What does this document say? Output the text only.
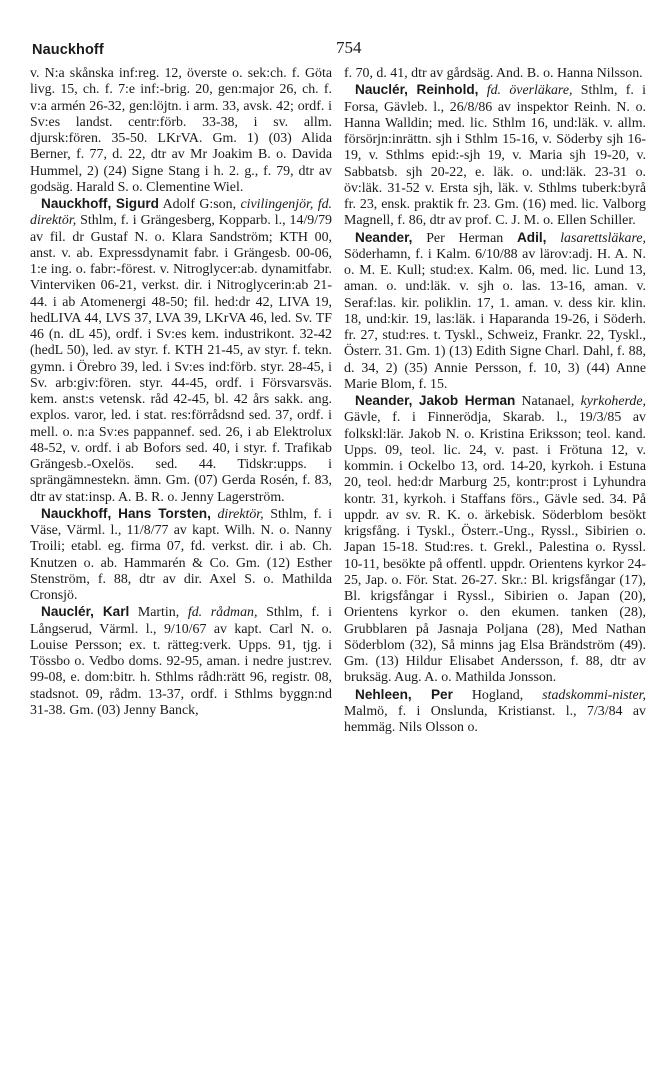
Nauckhoff	754

v. N:a skånska inf:reg. 12, överste o. sek:ch. f. Göta livg. 15, ch. f. 7:e inf:-brig. 20, gen:major 26, ch. f. v:a armén 26-32, gen:löjtn. i arm. 33, avsk. 42; ordf. i Sv:es landst. centr:förb. 33-38, i sv. allm. djursk:fören. 35-50. LKrVA. Gm. 1) (03) Alida Berner, f. 77, d. 22, dtr av Mr Joakim B. o. Davida Hummel, 2) (24) Signe Stang i h. 2. g., f. 79, dtr av godsäg. Harald S. o. Clementine Wiel.

Nauckhoff, Sigurd Adolf G:son, civilingenjör, fd. direktör, Sthlm, f. i Grängesberg, Kopparb. l., 14/9/79 av fil. dr Gustaf N. o. Klara Sandström; KTH 00, anst. v. ab. Expressdynamit fabr. i Grängesb. 00-06, 1:e ing. o. fabr:-förest. v. Nitroglycer:ab. dynamitfabr. Vinterviken 06-21, verkst. dir. i Nitroglycerin:ab 21-44. i ab Atomenergi 48-50; fil. hed:dr 42, LIVA 19, hedLIVA 44, LVS 37, LVA 39, LKrVA 46, led. Sv. TF 46 (n. dL 45), ordf. i Sv:es kem. industrikont. 32-42 (hedL 50), led. av styr. f. KTH 21-45, av styr. f. tekn. gymn. i Örebro 39, led. i Sv:es ind:förb. styr. 28-45, i Sv. arb:giv:fören. styr. 44-45, ordf. i Försvarsväs. kem. anst:s vetensk. råd 42-45, bl. 42 års sakk. ang. explos. varor, led. i stat. res:förrådsnd sed. 37, ordf. i mell. o. n:a Sv:es pappannef. sed. 26, i ab Elektrolux 48-52, v. ordf. i ab Bofors sed. 40, i styr. f. Trafikab Grängesb.-Oxelös. sed. 44. Tidskr:upps. i sprängämnestekn. ämn. Gm. (07) Gerda Rosén, f. 83, dtr av stat:insp. A. B. R. o. Jenny Lagerström.

Nauckhoff, Hans Torsten, direktör, Sthlm, f. i Väse, Värml. l., 11/8/77 av kapt. Wilh. N. o. Nanny Troili; etabl. eg. firma 07, fd. verkst. dir. i ab. Ch. Knutzen o. ab. Hammarén & Co. Gm. (12) Esther Stenström, f. 88, dtr av dir. Axel S. o. Mathilda Cronsjö.

Nauclér, Karl Martin, fd. rådman, Sthlm, f. i Långserud, Värml. l., 9/10/67 av kapt. Carl N. o. Louise Persson; ex. t. rätteg:verk. Upps. 91, tjg. i Tössbo o. Vedbo doms. 92-95, aman. i nedre just:rev. 99-08, e. dom:bitr. h. Sthlms rådh:rätt 96, registr. 08, stadsnot. 09, rådm. 13-37, ordf. i Sthlms byggn:nd 31-38. Gm. (03) Jenny Banck,

f. 70, d. 41, dtr av gårdsäg. And. B. o. Hanna Nilsson.

Nauclér, Reinhold, fd. överläkare, Sthlm, f. i Forsa, Gävleb. l., 26/8/86 av inspektor Reinh. N. o. Hanna Walldin; med. lic. Sthlm 16, und:läk. v. allm. försörjn:inrättn. sjh i Sthlm 15-16, v. Söderby sjh 16-19, v. Sthlms epid:-sjh 19, v. Maria sjh 19-20, v. Sabbatsb. sjh 20-22, e. läk. o. und:läk. 23-31 o. öv:läk. 31-52 v. Ersta sjh, läk. v. Sthlms tuberk:byrå fr. 23, ensk. praktik fr. 23. Gm. (16) med. lic. Valborg Magnell, f. 86, dtr av prof. C. J. M. o. Ellen Schiller.

Neander, Per Herman Adil, lasarettsläkare, Söderhamn, f. i Kalm. 6/10/88 av lärov:adj. H. A. N. o. M. E. Kull; stud:ex. Kalm. 06, med. lic. Lund 13, aman. o. und:läk. v. sjh o. las. 13-16, aman. v. Seraf:las. kir. poliklin. 17, 1. aman. v. dess kir. klin. 18, und:kir. 19, las:läk. i Haparanda 19-26, i Söderh. fr. 27, stud:res. t. Tyskl., Schweiz, Frankr. 22, Tyskl., Österr. 31. Gm. 1) (13) Edith Signe Charl. Dahl, f. 88, d. 34, 2) (35) Annie Persson, f. 10, 3) (44) Anne Marie Blom, f. 15.

Neander, Jakob Herman Natanael, kyrkoherde, Gävle, f. i Finnerödja, Skarab. l., 19/3/85 av folkskl:lär. Jakob N. o. Kristina Eriksson; teol. kand. Upps. 09, teol. lic. 24, v. past. i Frötuna 12, v. kommin. i Ockelbo 13, ord. 14-20, kyrkoh. i Estuna 20, teol. hed:dr Marburg 25, kontr:prost i Lyhundra kontr. 31, kyrkoh. i Staffans förs., Gävle sed. 34. På uppdr. av sv. R. K. o. ärkebisk. Söderblom besökt krigsfång. i Tyskl., Österr.-Ung., Ryssl., Sibirien o. Japan 15-18. Stud:res. t. Grekl., Palestina o. Ryssl. 10-11, besökte på offentl. uppdr. Orientens kyrkor 24-25, Jap. o. För. Stat. 26-27. Skr.: Bl. krigsfångar (17), Bl. krigsfångar i Ryssl., Sibirien o. Japan (20), Orientens kyrkor o. den ekumen. tanken (28), Grubblaren på Jasnaja Poljana (28), Med Nathan Söderblom (32), Så minns jag Elsa Brändström (49). Gm. (13) Hildur Elisabet Andersson, f. 88, dtr av bruksäg. Aug. A. o. Mathilda Jonsson.

Nehleen, Per Hogland, stadskommi-nister, Malmö, f. i Onslunda, Kristianst. l., 7/3/84 av hemmäg. Nils Olsson o.
